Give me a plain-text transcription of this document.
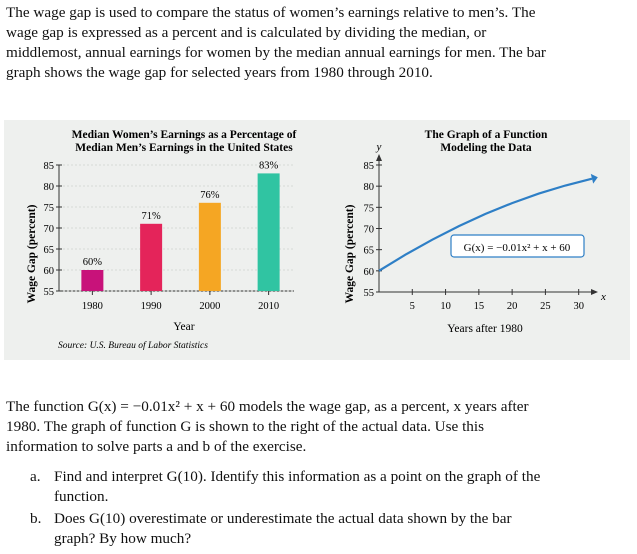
The wage gap is used to compare the status of women’s earnings relative to men’s. The
wage gap is expressed as a percent and is calculated by dividing the median, or
middlemost, annual earnings for women by the median annual earnings for men. The bar
graph shows the wage gap for selected years from 1980 through 2010.

Median Women’s Earnings as a Percentage of
Median Men’s Earnings in the United States
Wage Gap (percent)
Year
Source: U.S. Bureau of Labor Statistics
55
60
65
70
75
80
85
60%
1980
71%
1990
76%
2000
83%
2010
The Graph of a Function
Modeling the Data
Wage Gap (percent)
Years after 1980
y
x
55
60
65
70
75
80
85
5 10 15 20 25 30
G(x) = −0.01x² + x + 60

The function G(x) = −0.01x² + x + 60 models the wage gap, as a percent, x years after
1980. The graph of function G is shown to the right of the actual data. Use this
information to solve parts a and b of the exercise.

a. Find and interpret G(10). Identify this information as a point on the graph of the
function.
b. Does G(10) overestimate or underestimate the actual data shown by the bar
graph? By how much?
